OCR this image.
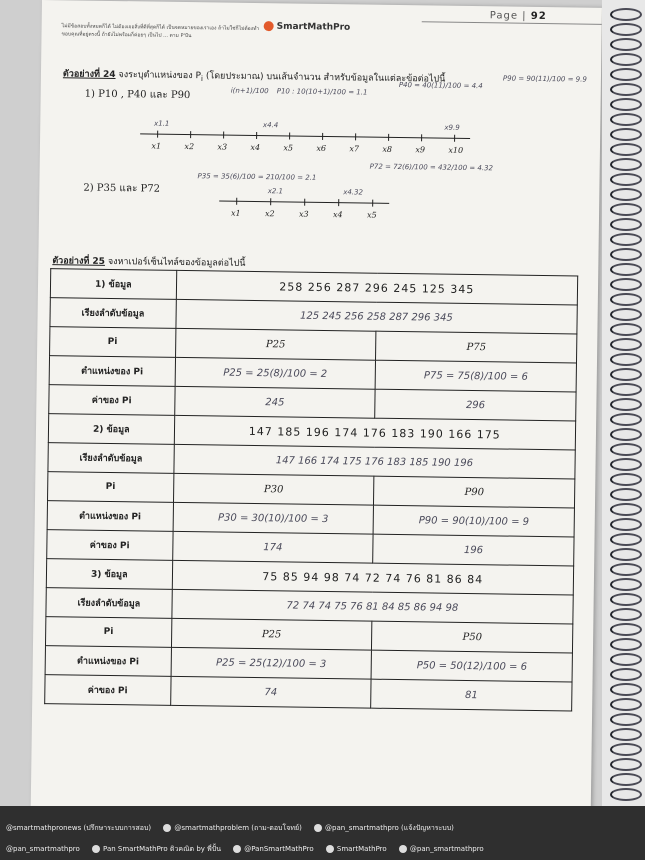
ไม่มีข้อสอบทั้งหมดก็ได้ ไม่ต้องเจอสิ่งที่ดีที่สุดก็ได้ เป็นจดหมายของเราเอง ถ้าไม่ใช่ก็ไม่ต้องทำ
ขอบคุณที่อยู่ตรงนี้ ถ้ายังไม่พร้อมก็ค่อยๆ เป็นไป ... ตาม P'ปัน
SmartMathPro
Page | 92
ตัวอย่างที่ 24 จงระบุตำแหน่งของ $P_i$ (โดยประมาณ) บนเส้นจำนวน สำหรับข้อมูลในแต่ละข้อต่อไปนี้
1) P10 , P40 และ P90	i(n+1)/100 P10 : 10(10+1)/100 = 1.1
P40 = 40(11)/100 = 4.4
P90 = 90(11)/100 = 9.9
x1	x2	x3	x4	x5	x6	x7	x8	x9	x10
x1.1	x4.4	x9.9
2) P35 และ P72
P35 = 35(6)/100 = 210/100 = 2.1
P72 = 72(6)/100 = 432/100 = 4.32
x1	x2	x3	x4	x5
x2.1	x4.32
ตัวอย่างที่ 25 จงหาเปอร์เซ็นไทล์ของข้อมูลต่อไปนี้
1) ข้อมูล	258 256 287 296 245 125 345	
เรียงลำดับข้อมูล	125 245 256 258 287 296 345	
Pi	P25	P75
ตำแหน่งของ Pi	P25 = 25(8)/100 = 2	P75 = 75(8)/100 = 6
ค่าของ Pi	245	296
2) ข้อมูล	147 185 196 174 176 183 190 166 175	
เรียงลำดับข้อมูล	147 166 174 175 176 183 185 190 196	
Pi	P30	P90
ตำแหน่งของ Pi	P30 = 30(10)/100 = 3	P90 = 90(10)/100 = 9
ค่าของ Pi	174	196
3) ข้อมูล	75 85 94 98 74 72 74 76 81 86 84	
เรียงลำดับข้อมูล	72 74 74 75 76 81 84 85 86 94 98	
Pi	P25	P50
ตำแหน่งของ Pi	P25 = 25(12)/100 = 3	P50 = 50(12)/100 = 6
ค่าของ Pi	74	81
@smartmathpronews (ปรึกษาระบบการสอบ)	@smartmathproblem (ถาม-ตอบโจทย์)	@pan_smartmathpro (แจ้งปัญหาระบบ)
@pan_smartmathpro	Pan SmartMathPro ติวคณิต by พี่ปั้น	@PanSmartMathPro	SmartMathPro	@pan_smartmathpro
